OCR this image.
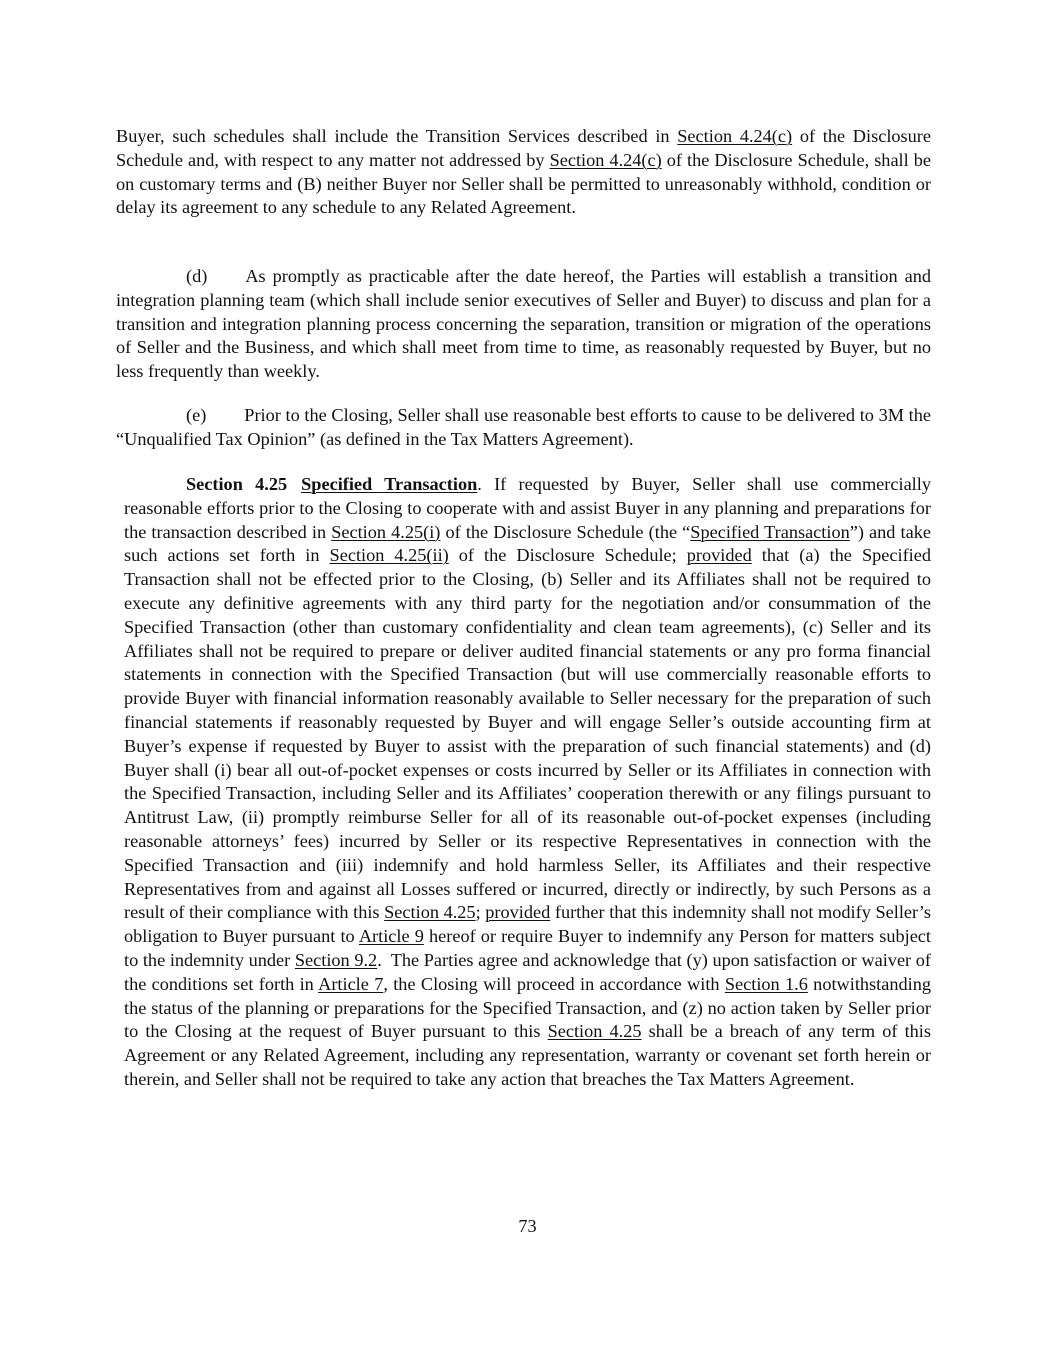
Buyer, such schedules shall include the Transition Services described in Section 4.24(c) of the Disclosure Schedule and, with respect to any matter not addressed by Section 4.24(c) of the Disclosure Schedule, shall be on customary terms and (B) neither Buyer nor Seller shall be permitted to unreasonably withhold, condition or delay its agreement to any schedule to any Related Agreement.

(d) As promptly as practicable after the date hereof, the Parties will establish a transition and integration planning team (which shall include senior executives of Seller and Buyer) to discuss and plan for a transition and integration planning process concerning the separation, transition or migration of the operations of Seller and the Business, and which shall meet from time to time, as reasonably requested by Buyer, but no less frequently than weekly.

(e) Prior to the Closing, Seller shall use reasonable best efforts to cause to be delivered to 3M the “Unqualified Tax Opinion” (as defined in the Tax Matters Agreement).

Section 4.25 Specified Transaction. If requested by Buyer, Seller shall use commercially reasonable efforts prior to the Closing to cooperate with and assist Buyer in any planning and preparations for the transaction described in Section 4.25(i) of the Disclosure Schedule (the “Specified Transaction”) and take such actions set forth in Section 4.25(ii) of the Disclosure Schedule; provided that (a) the Specified Transaction shall not be effected prior to the Closing, (b) Seller and its Affiliates shall not be required to execute any definitive agreements with any third party for the negotiation and/or consummation of the Specified Transaction (other than customary confidentiality and clean team agreements), (c) Seller and its Affiliates shall not be required to prepare or deliver audited financial statements or any pro forma financial statements in connection with the Specified Transaction (but will use commercially reasonable efforts to provide Buyer with financial information reasonably available to Seller necessary for the preparation of such financial statements if reasonably requested by Buyer and will engage Seller’s outside accounting firm at Buyer’s expense if requested by Buyer to assist with the preparation of such financial statements) and (d) Buyer shall (i) bear all out-of-pocket expenses or costs incurred by Seller or its Affiliates in connection with the Specified Transaction, including Seller and its Affiliates’ cooperation therewith or any filings pursuant to Antitrust Law, (ii) promptly reimburse Seller for all of its reasonable out-of-pocket expenses (including reasonable attorneys’ fees) incurred by Seller or its respective Representatives in connection with the Specified Transaction and (iii) indemnify and hold harmless Seller, its Affiliates and their respective Representatives from and against all Losses suffered or incurred, directly or indirectly, by such Persons as a result of their compliance with this Section 4.25; provided further that this indemnity shall not modify Seller’s obligation to Buyer pursuant to Article 9 hereof or require Buyer to indemnify any Person for matters subject to the indemnity under Section 9.2.  The Parties agree and acknowledge that (y) upon satisfaction or waiver of the conditions set forth in Article 7, the Closing will proceed in accordance with Section 1.6 notwithstanding the status of the planning or preparations for the Specified Transaction, and (z) no action taken by Seller prior to the Closing at the request of Buyer pursuant to this Section 4.25 shall be a breach of any term of this Agreement or any Related Agreement, including any representation, warranty or covenant set forth herein or therein, and Seller shall not be required to take any action that breaches the Tax Matters Agreement.

73
